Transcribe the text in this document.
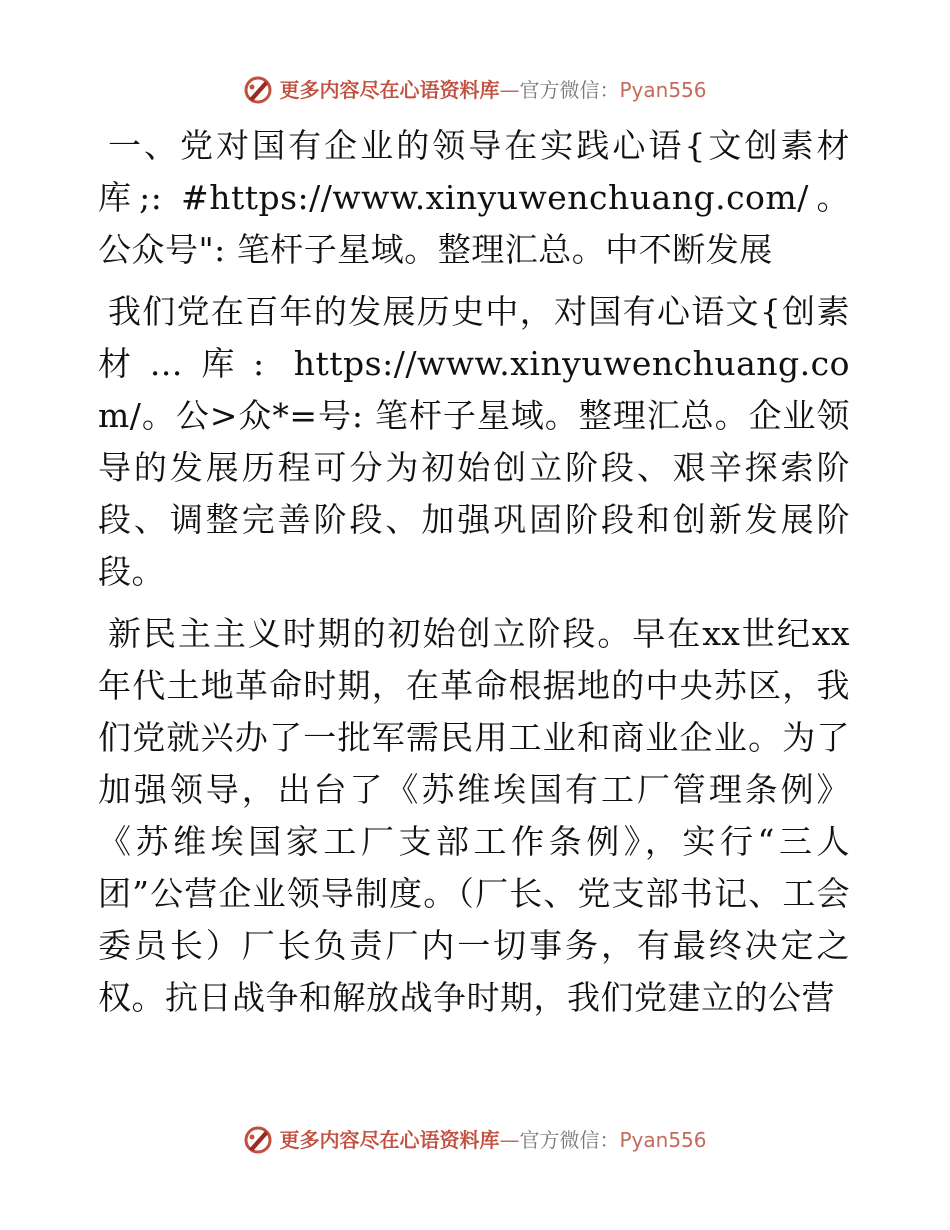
更多内容尽在心语资料库—官方微信：Pyan556

一、党对国有企业的领导在实践心语{文创素材库;: #https://www.xinyuwenchuang.com/。公众号": 笔杆子星域。整理汇总。中不断发展

我们党在百年的发展历史中，对国有心语文{创素材…库: https://www.xinyuwenchuang.com/。公>众*=号: 笔杆子星域。整理汇总。企业领导的发展历程可分为初始创立阶段、艰辛探索阶段、调整完善阶段、加强巩固阶段和创新发展阶段。

新民主主义时期的初始创立阶段。早在xx世纪xx年代土地革命时期，在革命根据地的中央苏区，我们党就兴办了一批军需民用工业和商业企业。为了加强领导，出台了《苏维埃国有工厂管理条例》《苏维埃国家工厂支部工作条例》，实行“三人团”公营企业领导制度。（厂长、党支部书记、工会委员长）厂长负责厂内一切事务，有最终决定之权。抗日战争和解放战争时期，我们党建立的公营

更多内容尽在心语资料库—官方微信：Pyan556
